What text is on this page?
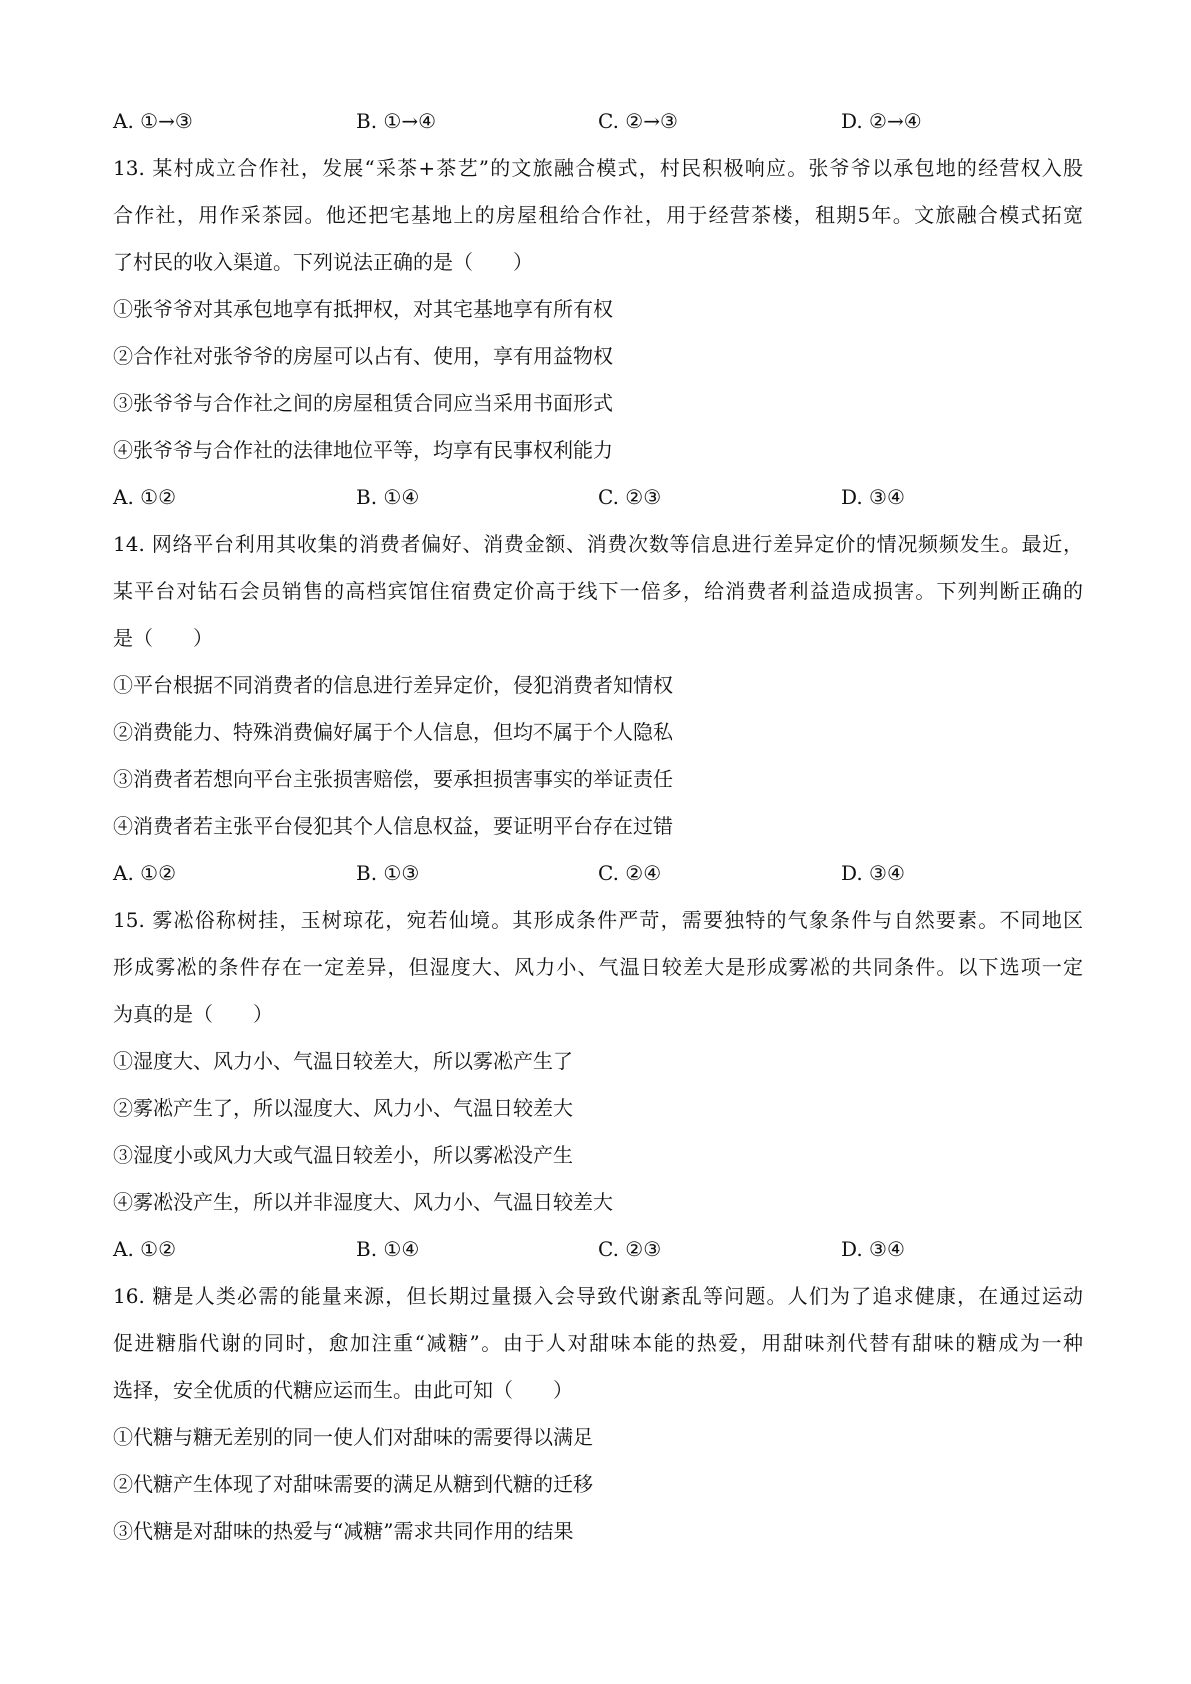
A. ①→③	B. ①→④	C. ②→③	D. ②→④
13. 某村成立合作社，发展“采茶+茶艺”的文旅融合模式，村民积极响应。张爷爷以承包地的经营权入股
合作社，用作采茶园。他还把宅基地上的房屋租给合作社，用于经营茶楼，租期5年。文旅融合模式拓宽
了村民的收入渠道。下列说法正确的是（　　）
①张爷爷对其承包地享有抵押权，对其宅基地享有所有权
②合作社对张爷爷的房屋可以占有、使用，享有用益物权
③张爷爷与合作社之间的房屋租赁合同应当采用书面形式
④张爷爷与合作社的法律地位平等，均享有民事权利能力
A. ①②	B. ①④	C. ②③	D. ③④
14. 网络平台利用其收集的消费者偏好、消费金额、消费次数等信息进行差异定价的情况频频发生。最近，
某平台对钻石会员销售的高档宾馆住宿费定价高于线下一倍多，给消费者利益造成损害。下列判断正确的
是（　　）
①平台根据不同消费者的信息进行差异定价，侵犯消费者知情权
②消费能力、特殊消费偏好属于个人信息，但均不属于个人隐私
③消费者若想向平台主张损害赔偿，要承担损害事实的举证责任
④消费者若主张平台侵犯其个人信息权益，要证明平台存在过错
A. ①②	B. ①③	C. ②④	D. ③④
15. 雾凇俗称树挂，玉树琼花，宛若仙境。其形成条件严苛，需要独特的气象条件与自然要素。不同地区
形成雾凇的条件存在一定差异，但湿度大、风力小、气温日较差大是形成雾凇的共同条件。以下选项一定
为真的是（　　）
①湿度大、风力小、气温日较差大，所以雾凇产生了
②雾凇产生了，所以湿度大、风力小、气温日较差大
③湿度小或风力大或气温日较差小，所以雾凇没产生
④雾凇没产生，所以并非湿度大、风力小、气温日较差大
A. ①②	B. ①④	C. ②③	D. ③④
16. 糖是人类必需的能量来源，但长期过量摄入会导致代谢紊乱等问题。人们为了追求健康，在通过运动
促进糖脂代谢的同时，愈加注重“减糖”。由于人对甜味本能的热爱，用甜味剂代替有甜味的糖成为一种
选择，安全优质的代糖应运而生。由此可知（　　）
①代糖与糖无差别的同一使人们对甜味的需要得以满足
②代糖产生体现了对甜味需要的满足从糖到代糖的迁移
③代糖是对甜味的热爱与“减糖”需求共同作用的结果
